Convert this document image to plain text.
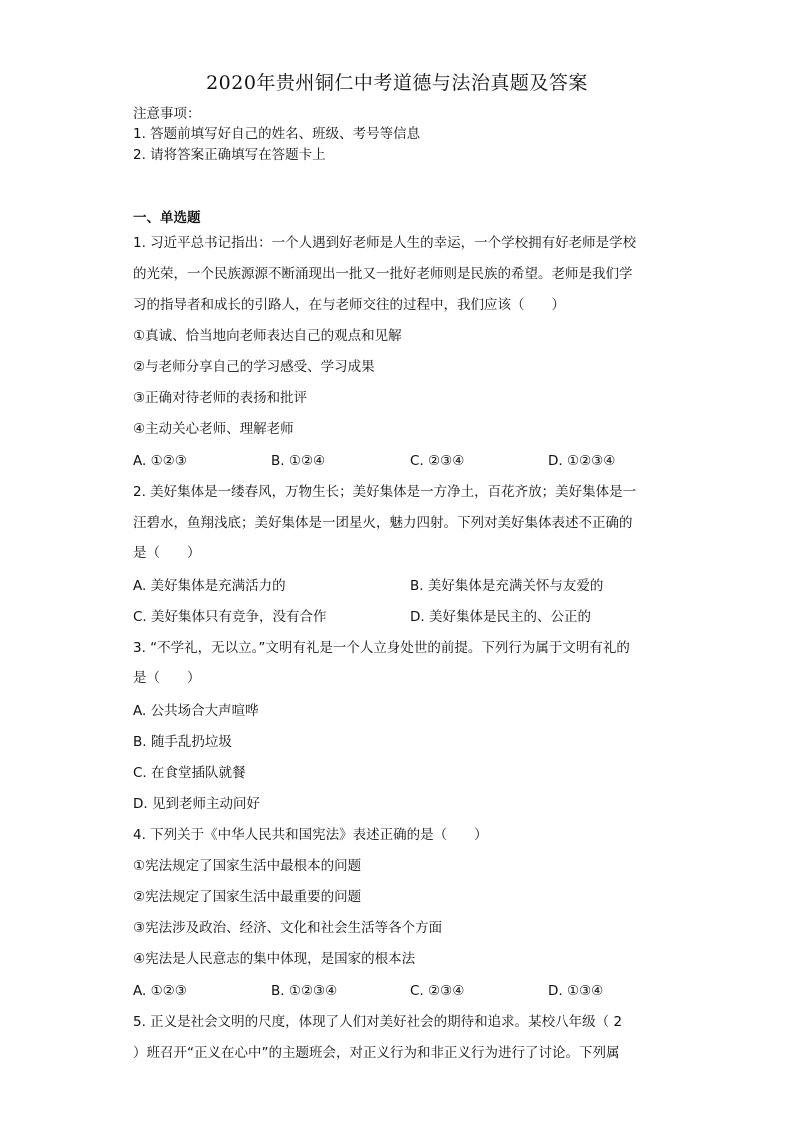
2020年贵州铜仁中考道德与法治真题及答案
注意事项：
1. 答题前填写好自己的姓名、班级、考号等信息
2. 请将答案正确填写在答题卡上
一、单选题
1. 习近平总书记指出：一个人遇到好老师是人生的幸运，一个学校拥有好老师是学校
的光荣，一个民族源源不断涌现出一批又一批好老师则是民族的希望。老师是我们学
习的指导者和成长的引路人，在与老师交往的过程中，我们应该（　　）
①真诚、恰当地向老师表达自己的观点和见解
②与老师分享自己的学习感受、学习成果
③正确对待老师的表扬和批评
④主动关心老师、理解老师
A. ①②③	B. ①②④	C. ②③④	D. ①②③④
2. 美好集体是一缕春风，万物生长；美好集体是一方净土，百花齐放；美好集体是一
汪碧水，鱼翔浅底；美好集体是一团星火，魅力四射。下列对美好集体表述不正确的
是（　　）
A. 美好集体是充满活力的	B. 美好集体是充满关怀与友爱的
C. 美好集体只有竞争，没有合作	D. 美好集体是民主的、公正的
3. “不学礼，无以立。”文明有礼是一个人立身处世的前提。下列行为属于文明有礼的
是（　　）
A. 公共场合大声喧哗
B. 随手乱扔垃圾
C. 在食堂插队就餐
D. 见到老师主动问好
4. 下列关于《中华人民共和国宪法》表述正确的是（　　）
①宪法规定了国家生活中最根本的问题
②宪法规定了国家生活中最重要的问题
③宪法涉及政治、经济、文化和社会生活等各个方面
④宪法是人民意志的集中体现，是国家的根本法
A. ①②③	B. ①②③④	C. ②③④	D. ①③④
5. 正义是社会文明的尺度，体现了人们对美好社会的期待和追求。某校八年级（ 2
）班召开“正义在心中”的主题班会，对正义行为和非正义行为进行了讨论。下列属
